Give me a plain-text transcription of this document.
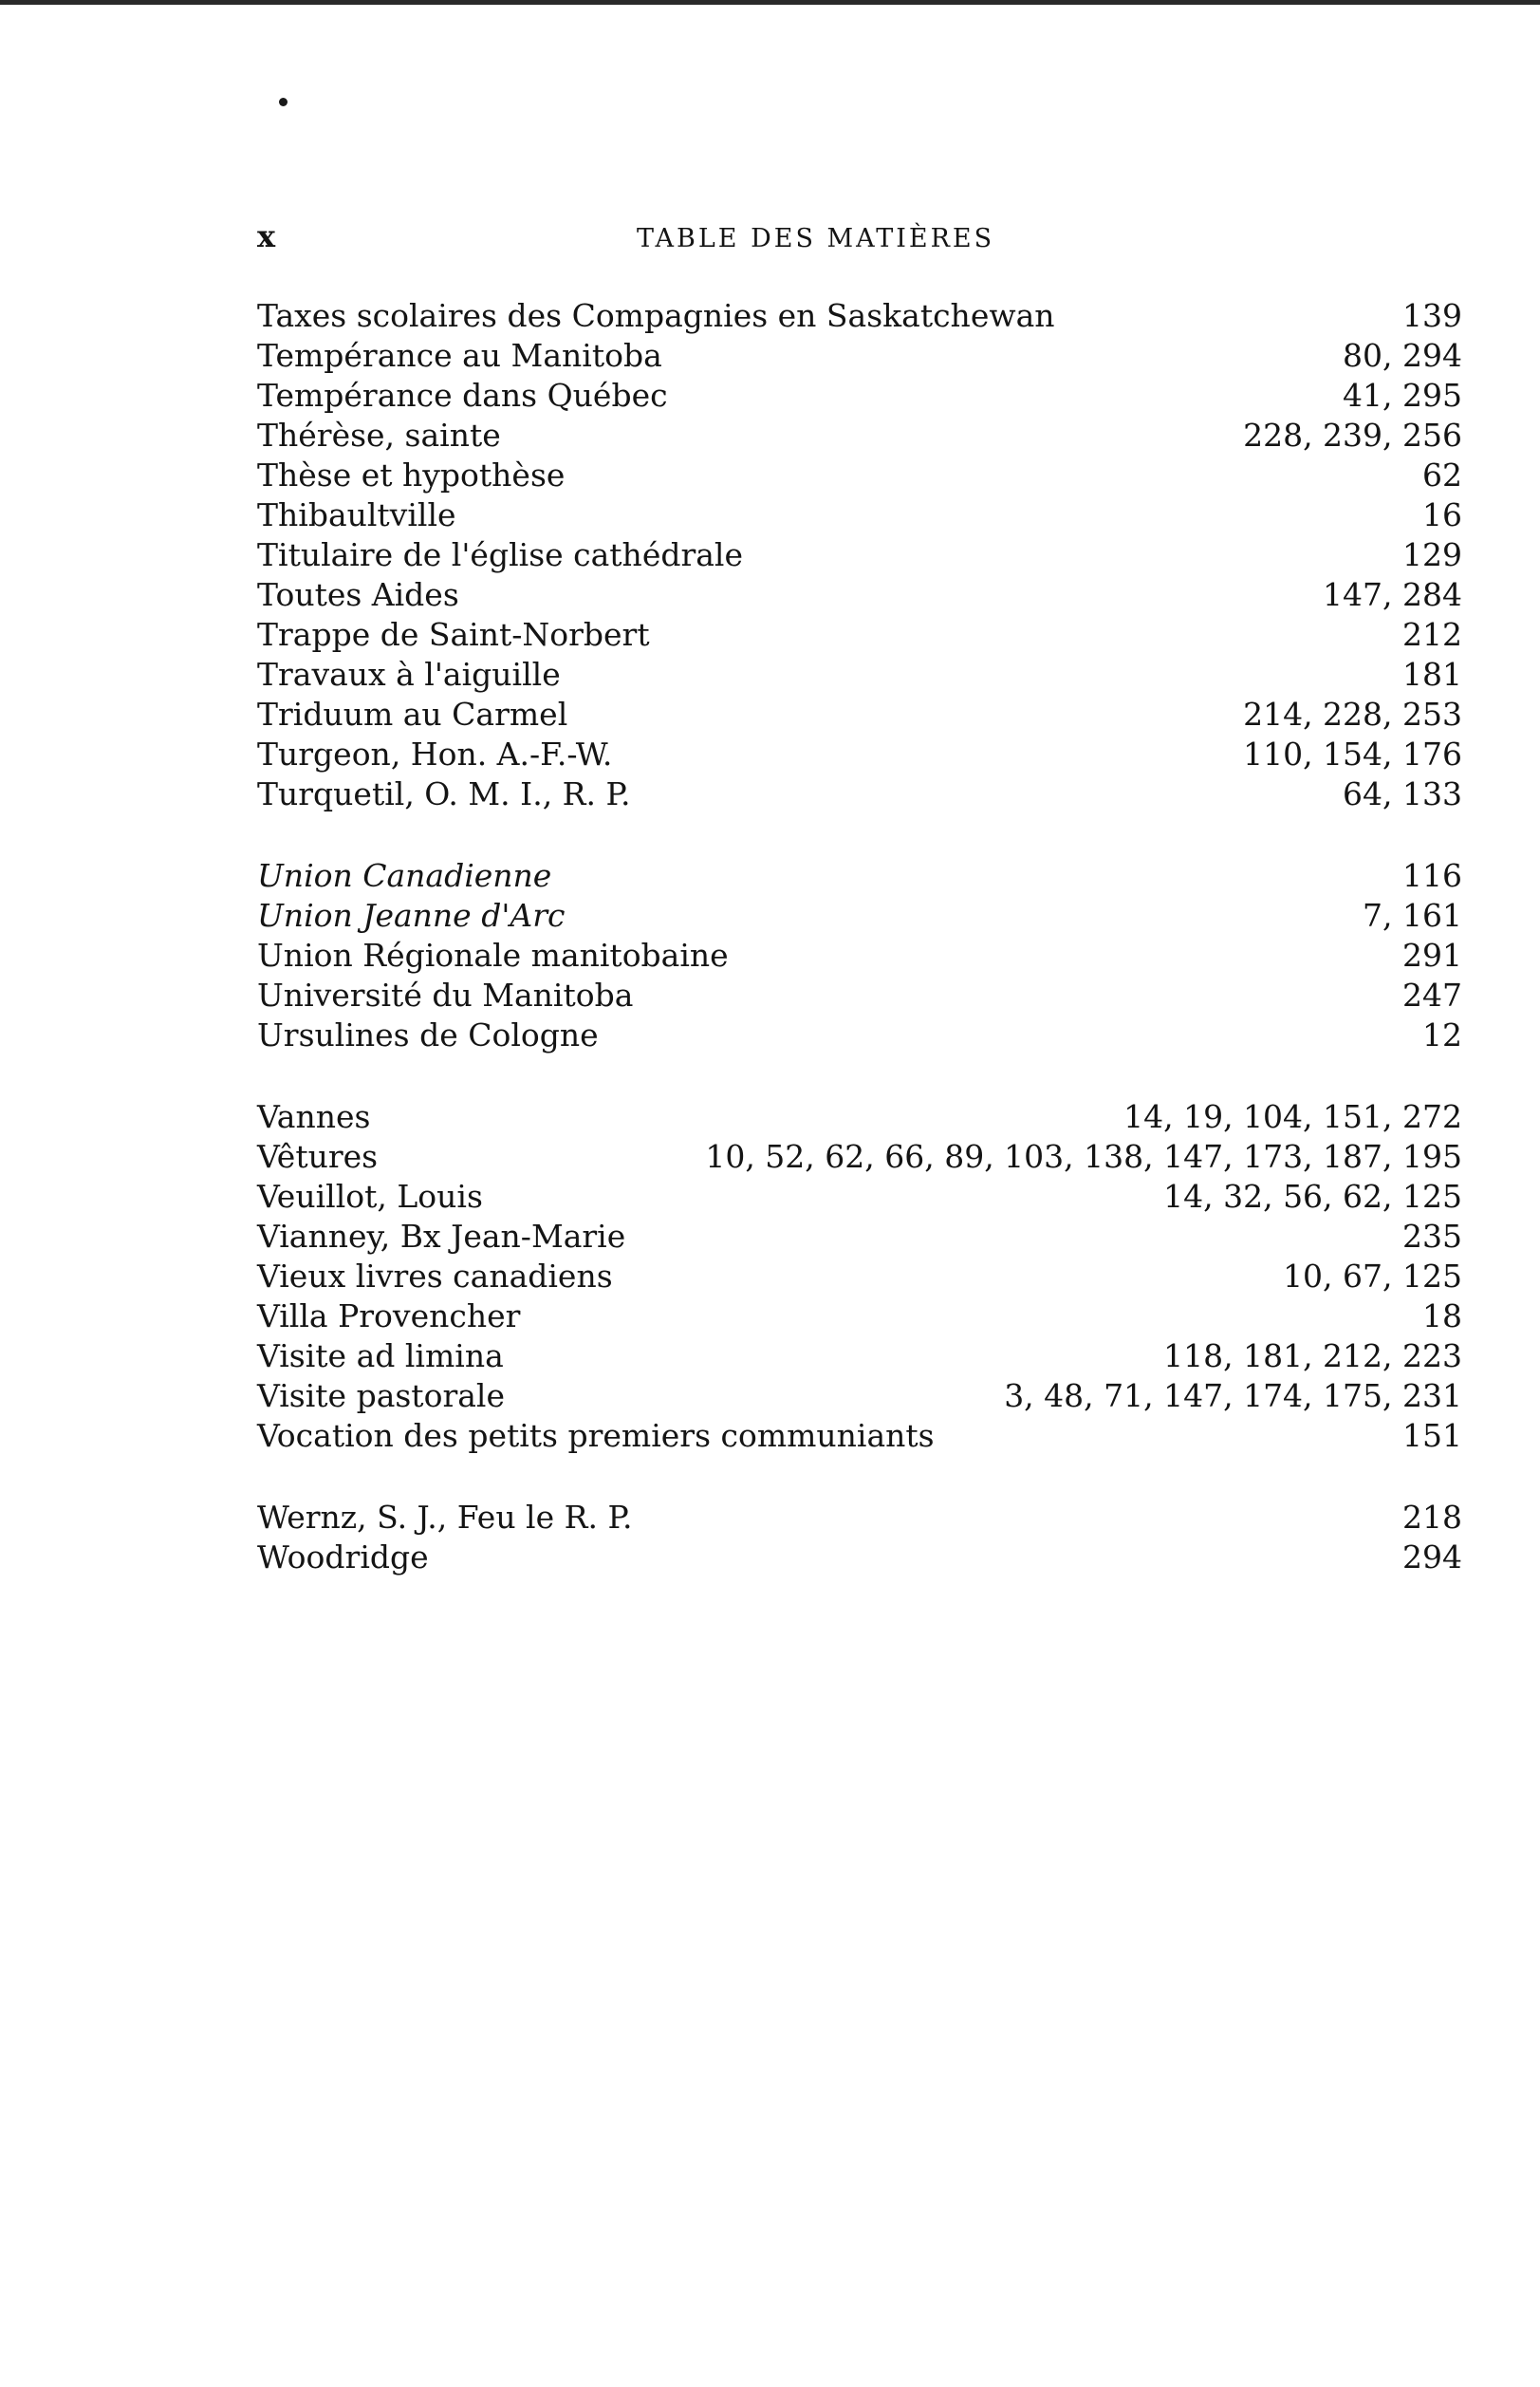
x	TABLE DES MATIÈRES
Taxes scolaires des Compagnies en Saskatchewan	139
Tempérance au Manitoba	80, 294
Tempérance dans Québec	41, 295
Thérèse, sainte	228, 239, 256
Thèse et hypothèse	62
Thibaultville	16
Titulaire de l'église cathédrale	129
Toutes Aides	147, 284
Trappe de Saint-Norbert	212
Travaux à l'aiguille	181
Triduum au Carmel	214, 228, 253
Turgeon, Hon. A.-F.-W.	110, 154, 176
Turquetil, O. M. I., R. P.	64, 133
Union Canadienne	116
Union Jeanne d'Arc	7, 161
Union Régionale manitobaine	291
Université du Manitoba	247
Ursulines de Cologne	12
Vannes	14, 19, 104, 151, 272
Vêtures	10, 52, 62, 66, 89, 103, 138, 147, 173, 187, 195
Veuillot, Louis	14, 32, 56, 62, 125
Vianney, Bx Jean-Marie	235
Vieux livres canadiens	10, 67, 125
Villa Provencher	18
Visite ad limina	118, 181, 212, 223
Visite pastorale	3, 48, 71, 147, 174, 175, 231
Vocation des petits premiers communiants	151
Wernz, S. J., Feu le R. P.	218
Woodridge	294
